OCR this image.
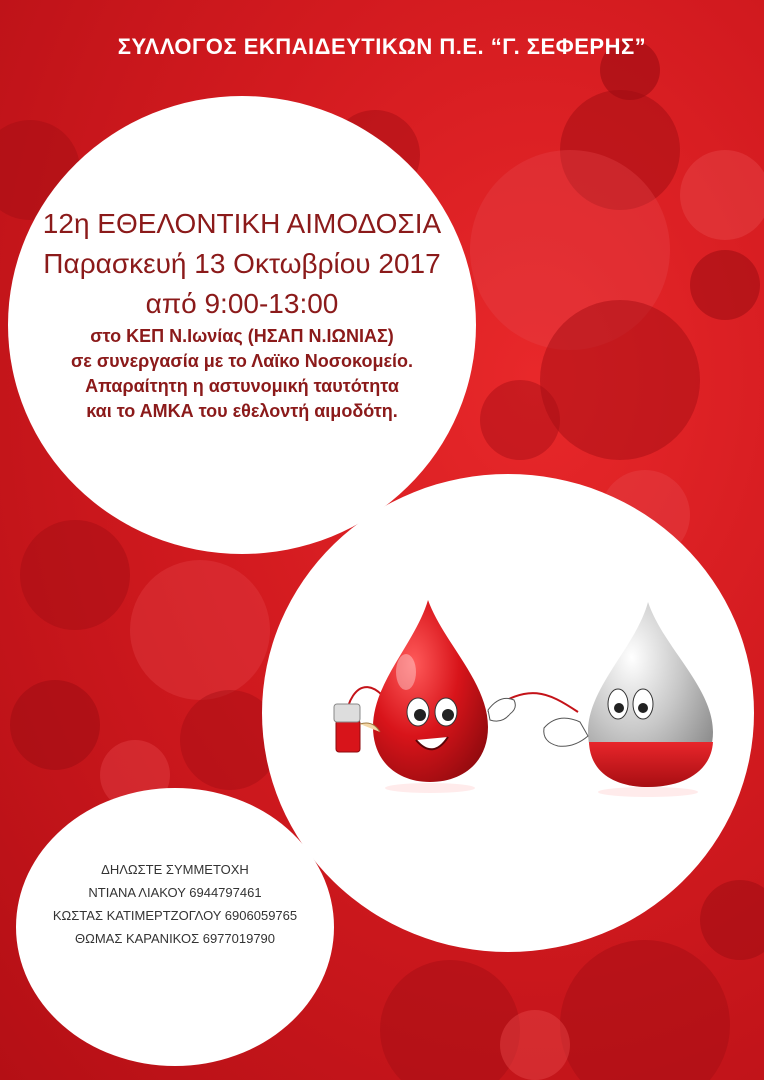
ΣΥΛΛΟΓΟΣ ΕΚΠΑΙΔΕΥΤΙΚΩΝ Π.Ε. “Γ. ΣΕΦΕΡΗΣ”
12η ΕΘΕΛΟΝΤΙΚΗ ΑΙΜΟΔΟΣΙΑ
Παρασκευή 13 Οκτωβρίου 2017
από 9:00-13:00
στο ΚΕΠ Ν.Ιωνίας (ΗΣΑΠ Ν.ΙΩΝΙΑΣ)
σε συνεργασία με το Λαϊκο Νοσοκομείο.
Απαραίτητη η αστυνομική ταυτότητα
και το ΑΜΚΑ του εθελοντή αιμοδότη.
ΔΗΛΩΣΤΕ ΣΥΜΜΕΤΟΧΗ
ΝΤΙΑΝΑ ΛΙΑΚΟΥ 6944797461
ΚΩΣΤΑΣ ΚΑΤΙΜΕΡΤΖΟΓΛΟΥ 6906059765
ΘΩΜΑΣ ΚΑΡΑΝΙΚΟΣ 6977019790
